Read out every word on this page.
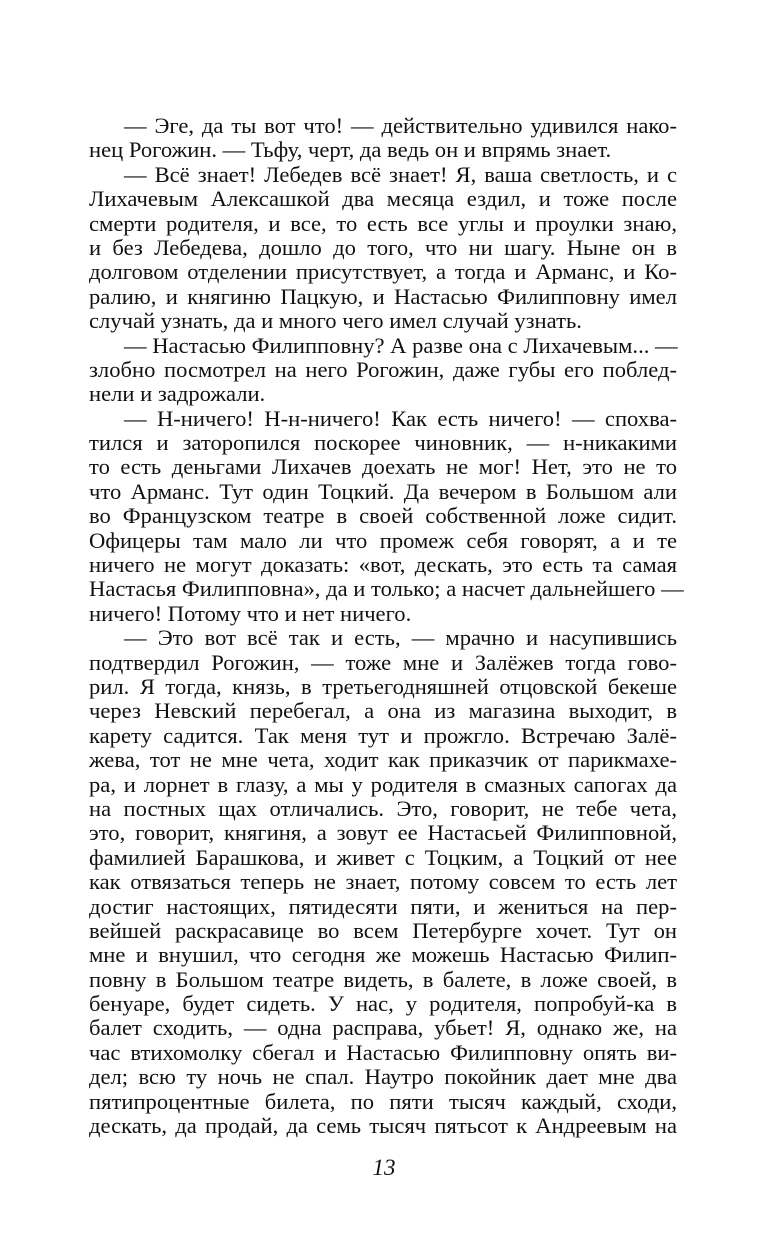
— Эге, да ты вот что! — действительно удивился нако-
нец Рогожин. — Тьфу, черт, да ведь он и впрямь знает.
— Всё знает! Лебедев всё знает! Я, ваша светлость, и с
Лихачевым Алексашкой два месяца ездил, и тоже после
смерти родителя, и все, то есть все углы и проулки знаю,
и без Лебедева, дошло до того, что ни шагу. Ныне он в
долговом отделении присутствует, а тогда и Арманс, и Ко-
ралию, и княгиню Пацкую, и Настасью Филипповну имел
случай узнать, да и много чего имел случай узнать.
— Настасью Филипповну? А разве она с Лихачевым... —
злобно посмотрел на него Рогожин, даже губы его поблед-
нели и задрожали.
— Н-ничего! Н-н-ничего! Как есть ничего! — спохва-
тился и заторопился поскорее чиновник, — н-никакими
то есть деньгами Лихачев доехать не мог! Нет, это не то
что Арманс. Тут один Тоцкий. Да вечером в Большом али
во Французском театре в своей собственной ложе сидит.
Офицеры там мало ли что промеж себя говорят, а и те
ничего не могут доказать: «вот, дескать, это есть та самая
Настасья Филипповна», да и только; а насчет дальнейшего —
ничего! Потому что и нет ничего.
— Это вот всё так и есть, — мрачно и насупившись
подтвердил Рогожин, — тоже мне и Залёжев тогда гово-
рил. Я тогда, князь, в третьегодняшней отцовской бекеше
через Невский перебегал, а она из магазина выходит, в
карету садится. Так меня тут и прожгло. Встречаю Залё-
жева, тот не мне чета, ходит как приказчик от парикмахе-
ра, и лорнет в глазу, а мы у родителя в смазных сапогах да
на постных щах отличались. Это, говорит, не тебе чета,
это, говорит, княгиня, а зовут ее Настасьей Филипповной,
фамилией Барашкова, и живет с Тоцким, а Тоцкий от нее
как отвязаться теперь не знает, потому совсем то есть лет
достиг настоящих, пятидесяти пяти, и жениться на пер-
вейшей раскрасавице во всем Петербурге хочет. Тут он
мне и внушил, что сегодня же можешь Настасью Филип-
повну в Большом театре видеть, в балете, в ложе своей, в
бенуаре, будет сидеть. У нас, у родителя, попробуй-ка в
балет сходить, — одна расправа, убьет! Я, однако же, на
час втихомолку сбегал и Настасью Филипповну опять ви-
дел; всю ту ночь не спал. Наутро покойник дает мне два
пятипроцентные билета, по пяти тысяч каждый, сходи,
дескать, да продай, да семь тысяч пятьсот к Андреевым на
13
